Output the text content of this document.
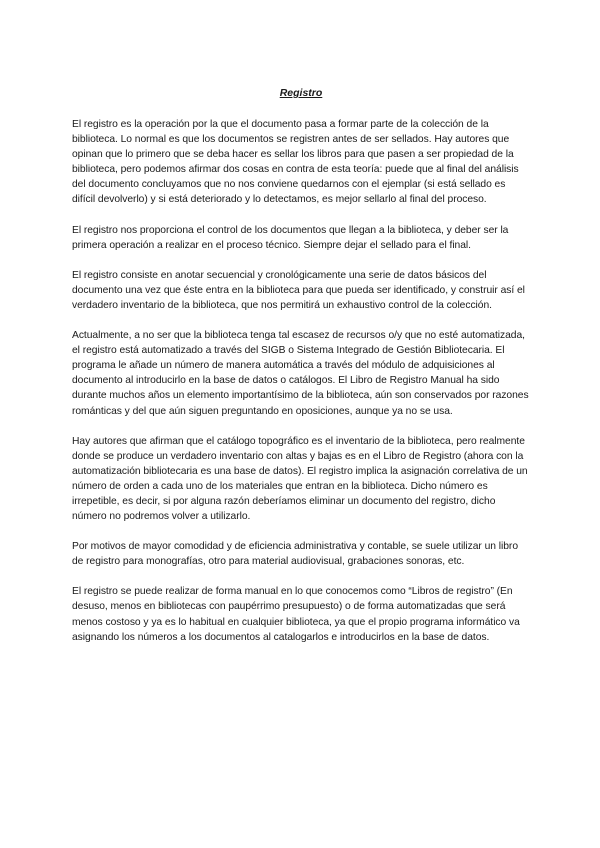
Registro

El registro es la operación por la que el documento pasa a formar parte de la colección de la biblioteca. Lo normal es que los documentos se registren antes de ser sellados. Hay autores que opinan que lo primero que se deba hacer es sellar los libros para que pasen a ser propiedad de la biblioteca, pero podemos afirmar dos cosas en contra de esta teoría: puede que al final del análisis del documento concluyamos que no nos conviene quedarnos con el ejemplar (si está sellado es difícil devolverlo) y si está deteriorado y lo detectamos, es mejor sellarlo al final del proceso.

El registro nos proporciona el control de los documentos que llegan a la biblioteca, y deber ser la primera operación a realizar en el proceso técnico. Siempre dejar el sellado para el final.

El registro consiste en anotar secuencial y cronológicamente una serie de datos básicos del documento una vez que éste entra en la biblioteca para que pueda ser identificado, y construir así el verdadero inventario de la biblioteca, que nos permitirá un exhaustivo control de la colección.

Actualmente, a no ser que la biblioteca tenga tal escasez de recursos o/y que no esté automatizada, el registro está automatizado a través del SIGB o Sistema Integrado de Gestión Bibliotecaria. El programa le añade un número de manera automática a través del módulo de adquisiciones al documento al introducirlo en la base de datos o catálogos. El Libro de Registro Manual ha sido durante muchos años un elemento importantísimo de la biblioteca, aún son conservados por razones románticas y del que aún siguen preguntando en oposiciones, aunque ya no se usa.

Hay autores que afirman que el catálogo topográfico es el inventario de la biblioteca, pero realmente donde se produce un verdadero inventario con altas y bajas es en el Libro de Registro (ahora con la automatización bibliotecaria es una base de datos). El registro implica la asignación correlativa de un número de orden a cada uno de los materiales que entran en la biblioteca. Dicho número es irrepetible, es decir, si por alguna razón deberíamos eliminar un documento del registro, dicho número no podremos volver a utilizarlo.

Por motivos de mayor comodidad y de eficiencia administrativa y contable, se suele utilizar un libro de registro para monografías, otro para material audiovisual, grabaciones sonoras, etc.

El registro se puede realizar de forma manual en lo que conocemos como “Libros de registro” (En desuso, menos en bibliotecas con paupérrimo presupuesto) o de forma automatizadas que será menos costoso y ya es lo habitual en cualquier biblioteca, ya que el propio programa informático va asignando los números a los documentos al catalogarlos e introducirlos en la base de datos.
